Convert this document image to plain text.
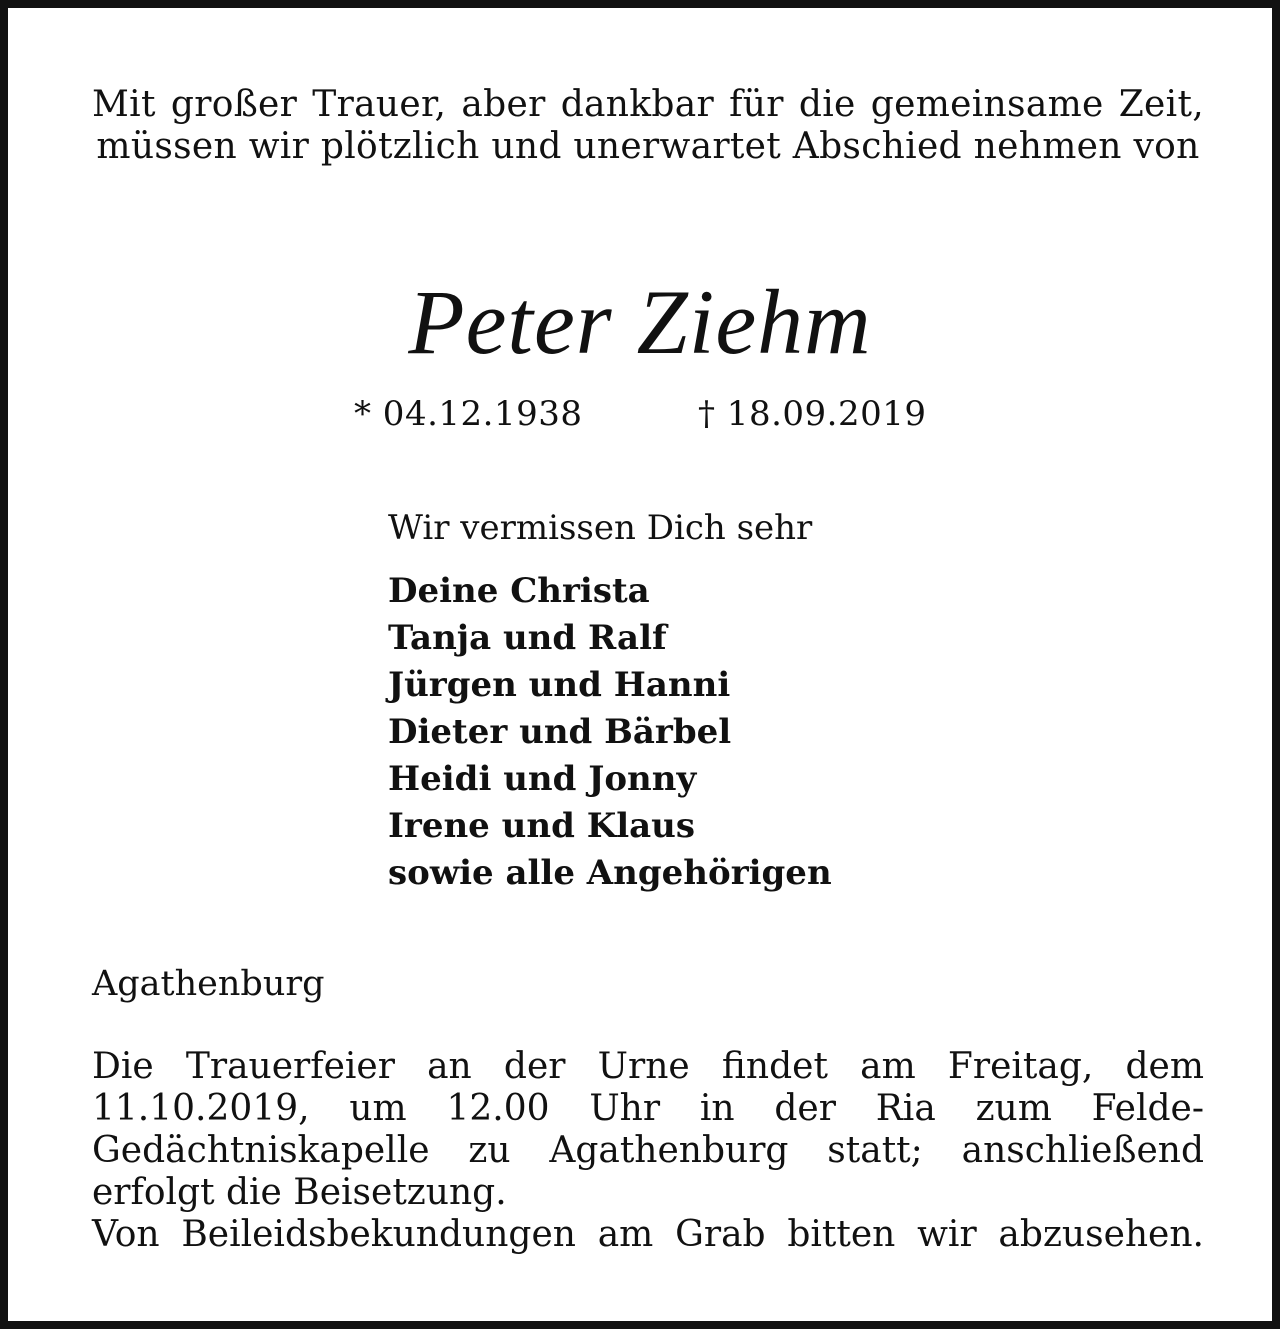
Mit großer Trauer, aber dankbar für die gemeinsame Zeit, müssen wir plötzlich und unerwartet Abschied nehmen von
Peter Ziehm
* 04.12.1938	† 18.09.2019
Wir vermissen Dich sehr
Deine Christa
Tanja und Ralf
Jürgen und Hanni
Dieter und Bärbel
Heidi und Jonny
Irene und Klaus
sowie alle Angehörigen
Agathenburg

Die Trauerfeier an der Urne findet am Freitag, dem 11.10.2019, um 12.00 Uhr in der Ria zum Felde-Gedächtniskapelle zu Agathenburg statt; anschließend erfolgt die Beisetzung.

Von Beileidsbekundungen am Grab bitten wir abzusehen.
